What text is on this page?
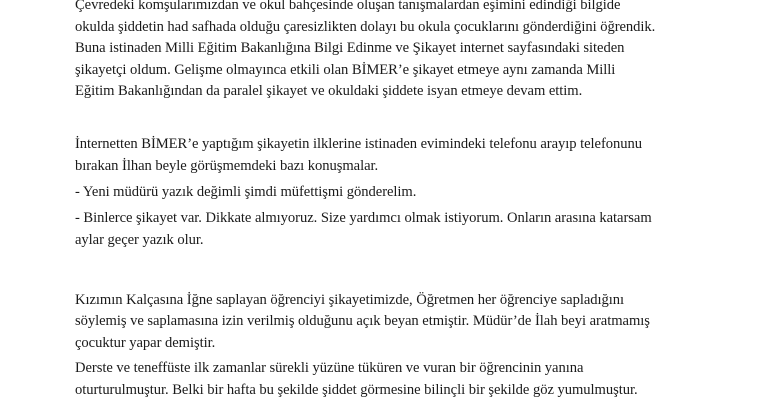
Çevredeki komşularımızdan ve okul bahçesinde oluşan tanışmalardan eşimini edindiği bilgide
okulda şiddetin had safhada olduğu çaresizlikten dolayı bu okula çocuklarını gönderdiğini öğrendik.
Buna istinaden Milli Eğitim Bakanlığına Bilgi Edinme ve Şikayet internet sayfasındaki siteden
şikayetçi oldum. Gelişme olmayınca etkili olan BİMER’e şikayet etmeye aynı zamanda Milli
Eğitim Bakanlığından da paralel şikayet ve okuldaki şiddete isyan etmeye devam ettim.
İnternetten BİMER’e yaptığım şikayetin ilklerine istinaden evimindeki telefonu arayıp telefonunu
bırakan İlhan beyle görüşmemdeki bazı konuşmalar.
- Yeni müdürü yazık değimli şimdi müfettişmi gönderelim.
- Binlerce şikayet var. Dikkate almıyoruz. Size yardımcı olmak istiyorum. Onların arasına katarsam
aylar geçer yazık olur.
Kızımın Kalçasına İğne saplayan öğrenciyi şikayetimizde, Öğretmen her öğrenciye sapladığını
söylemiş ve saplamasına izin verilmiş olduğunu açık beyan etmiştir. Müdür’de İlah beyi aratmamış
çocuktur yapar demiştir.
Derste ve teneffüste ilk zamanlar sürekli yüzüne tüküren ve vuran bir öğrencinin yanına
oturturulmuştur. Belki bir hafta bu şekilde şiddet görmesine bilinçli bir şekilde göz yumulmuştur.
